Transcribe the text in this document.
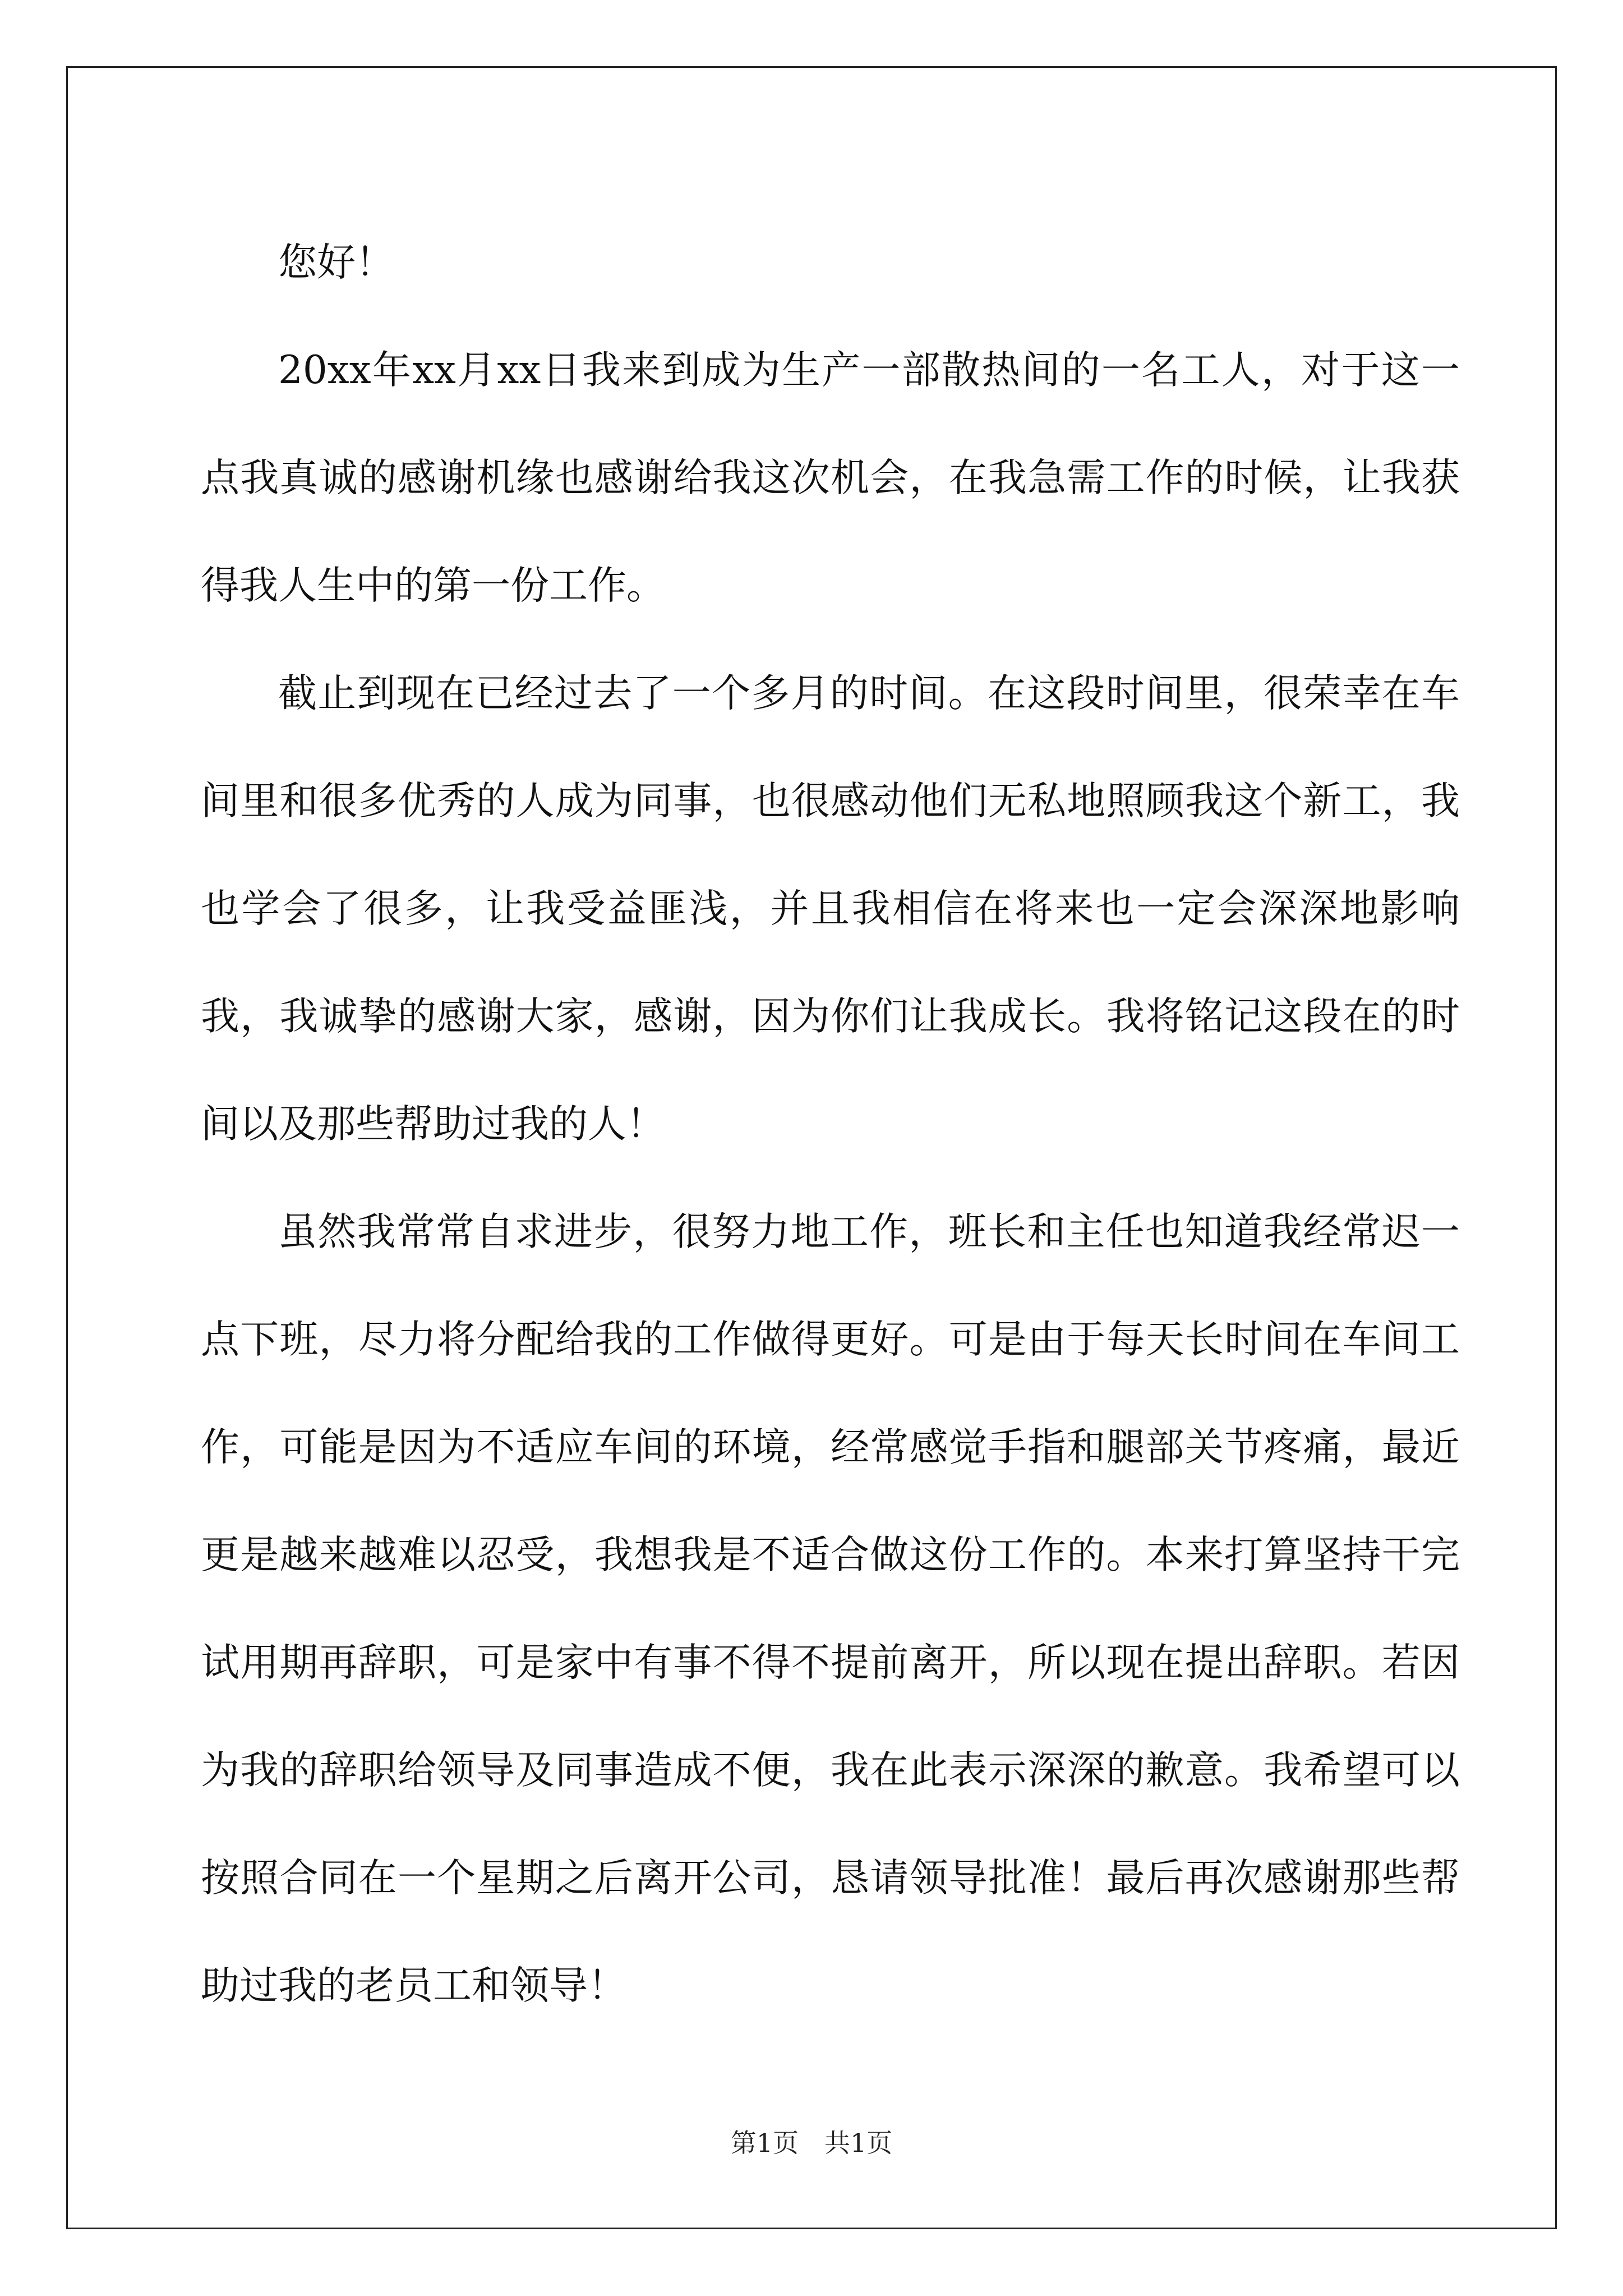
您好！

20xx年xx月xx日我来到成为生产一部散热间的一名工人，对于这一点我真诚的感谢机缘也感谢给我这次机会，在我急需工作的时候，让我获得我人生中的第一份工作。

截止到现在已经过去了一个多月的时间。在这段时间里，很荣幸在车间里和很多优秀的人成为同事，也很感动他们无私地照顾我这个新工，我也学会了很多，让我受益匪浅，并且我相信在将来也一定会深深地影响我，我诚挚的感谢大家，感谢，因为你们让我成长。我将铭记这段在的时间以及那些帮助过我的人！

虽然我常常自求进步，很努力地工作，班长和主任也知道我经常迟一点下班，尽力将分配给我的工作做得更好。可是由于每天长时间在车间工作，可能是因为不适应车间的环境，经常感觉手指和腿部关节疼痛，最近更是越来越难以忍受，我想我是不适合做这份工作的。本来打算坚持干完试用期再辞职，可是家中有事不得不提前离开，所以现在提出辞职。若因为我的辞职给领导及同事造成不便，我在此表示深深的歉意。我希望可以按照合同在一个星期之后离开公司，恳请领导批准！最后再次感谢那些帮助过我的老员工和领导！

第1页　共1页
